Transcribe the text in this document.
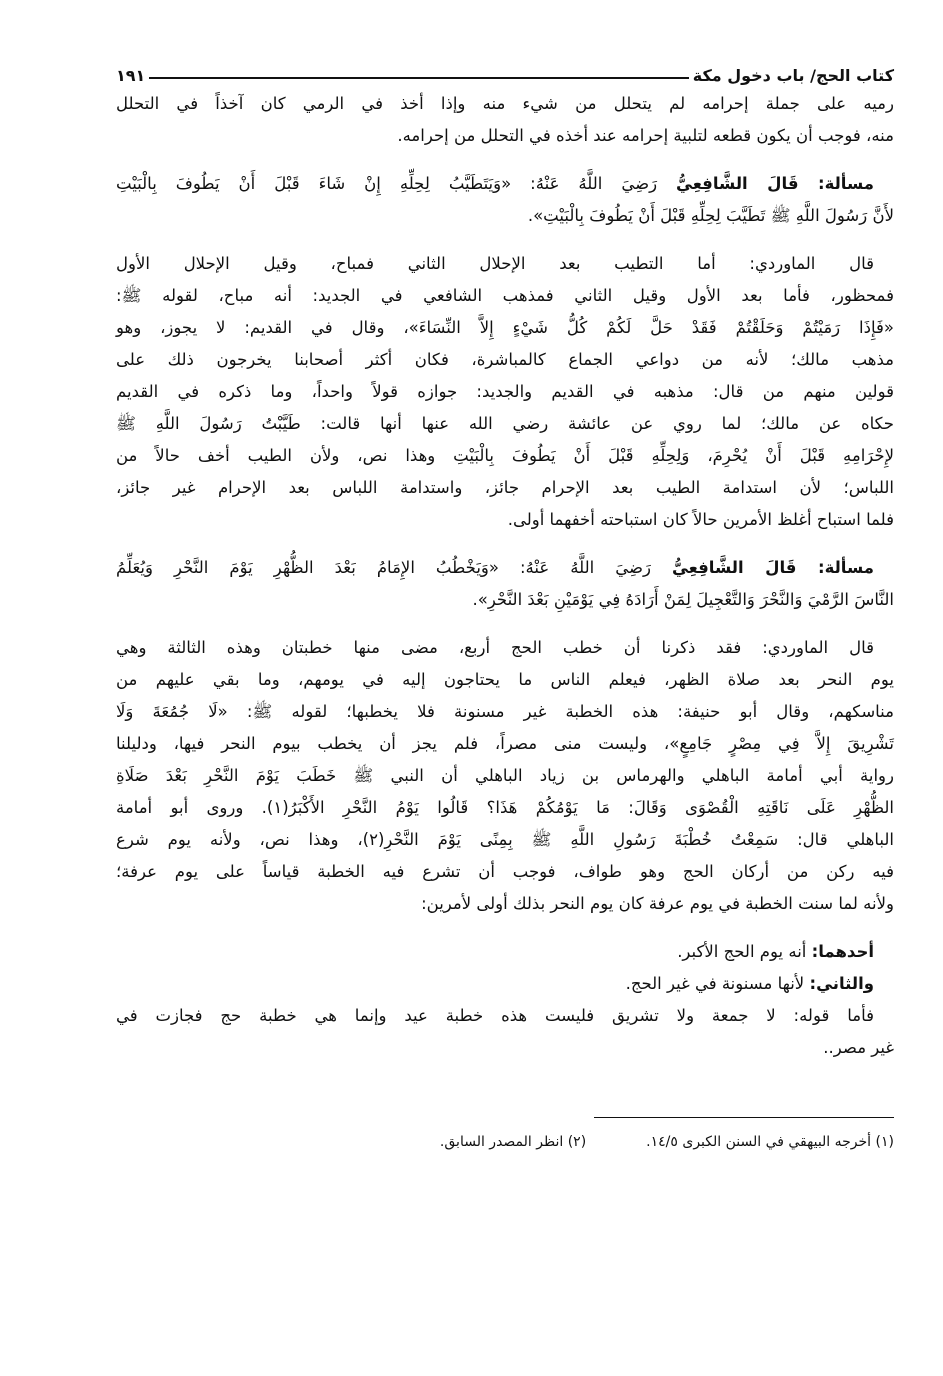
كتاب الحج/ باب دخول مكة
١٩١
رميه على جملة إحرامه لم يتحلل من شيء منه وإذا أخذ في الرمي كان آخذاً في التحلل
منه، فوجب أن يكون قطعه لتلبية إحرامه عند أخذه في التحلل من إحرامه.
مسألة: قَالَ الشَّافِعِيُّ رَضِيَ اللَّهُ عَنْهُ: «وَيَتَطَيَّبُ لِحِلِّهِ إِنْ شَاءَ قَبْلَ أَنْ يَطُوفَ بِالْبَيْتِ
لأَنَّ رَسُولَ اللَّهِ ﷺ تَطَيَّبَ لِحِلِّهِ قَبْلَ أَنْ يَطُوفَ بِالْبَيْتِ».
قال الماوردي: أما التطيب بعد الإحلال الثاني فمباح، وقيل الإحلال الأول
فمحظور، فأما بعد الأول وقيل الثاني فمذهب الشافعي في الجديد: أنه مباح، لقوله ﷺ:
«فَإِذَا رَمَيْتُمْ وَحَلَقْتُمْ فَقَدْ حَلَّ لَكُمْ كُلُّ شَيْءٍ إِلاَّ النِّسَاءَ»، وقال في القديم: لا يجوز، وهو
مذهب مالك؛ لأنه من دواعي الجماع كالمباشرة، فكان أكثر أصحابنا يخرجون ذلك على
قولين منهم من قال: مذهبه في القديم والجديد: جوازه قولاً واحداً، وما ذكره في القديم
حكاه عن مالك؛ لما روي عن عائشة رضي الله عنها أنها قالت: طَيَّبْتُ رَسُولَ اللَّهِ ﷺ
لإِحْرَامِهِ قَبْلَ أَنْ يُحْرِمَ، وَلِحِلِّهِ قَبْلَ أَنْ يَطُوفَ بِالْبَيْتِ وهذا نص، ولأن الطيب أخف حالاً من
اللباس؛ لأن استدامة الطيب بعد الإحرام جائز، واستدامة اللباس بعد الإحرام غير جائز،
فلما استباح أغلظ الأمرين حالاً كان استباحته أخفهما أولى.
مسألة: قَالَ الشَّافِعِيُّ رَضِيَ اللَّهُ عَنْهُ: «وَيَخْطُبُ الإِمَامُ بَعْدَ الظُّهْرِ يَوْمَ النَّحْرِ وَيُعَلِّمُ
النَّاسَ الرَّمْيَ وَالنَّحْرَ وَالتَّعْجِيلَ لِمَنْ أَرَادَهُ فِي يَوْمَيْنِ بَعْدَ النَّحْرِ».
قال الماوردي: فقد ذكرنا أن خطب الحج أربع، مضى منها خطبتان وهذه الثالثة وهي
يوم النحر بعد صلاة الظهر، فيعلم الناس ما يحتاجون إليه في يومهم، وما بقي عليهم من
مناسكهم، وقال أبو حنيفة: هذه الخطبة غير مسنونة فلا يخطبها؛ لقوله ﷺ: «لَا جُمُعَةَ وَلَا
تَشْرِيقَ إِلاَّ فِي مِصْرٍ جَامِعٍ»، وليست منى مصراً، فلم يجز أن يخطب بيوم النحر فيها، ودليلنا
رواية أبي أمامة الباهلي والهرماس بن زياد الباهلي أن النبي ﷺ خَطَبَ يَوْمَ النَّحْرِ بَعْدَ صَلَاةِ
الظُّهْرِ عَلَى نَاقَتِهِ الْقُصْوَى وَقَالَ: مَا يَوْمُكُمْ هَذَا؟ قَالُوا يَوْمُ النَّحْرِ الأَكْبَرُ(١). وروى أبو أمامة
الباهلي قال: سَمِعْتُ خُطْبَةَ رَسُولِ اللَّهِ ﷺ بِمِنًى يَوْمَ النَّحْرِ(٢)، وهذا نص، ولأنه يوم شرع
فيه ركن من أركان الحج وهو طواف، فوجب أن تشرع فيه الخطبة قياساً على يوم عرفة؛
ولأنه لما سنت الخطبة في يوم عرفة كان يوم النحر بذلك أولى لأمرين:
أحدهما: أنه يوم الحج الأكبر.
والثاني: لأنها مسنونة في غير الحج.
فأما قوله: لا جمعة ولا تشريق فليست هذه خطبة عيد وإنما هي خطبة حج فجازت في
غير مصر..
(١) أخرجه البيهقي في السنن الكبرى ١٤/٥.
(٢) انظر المصدر السابق.
